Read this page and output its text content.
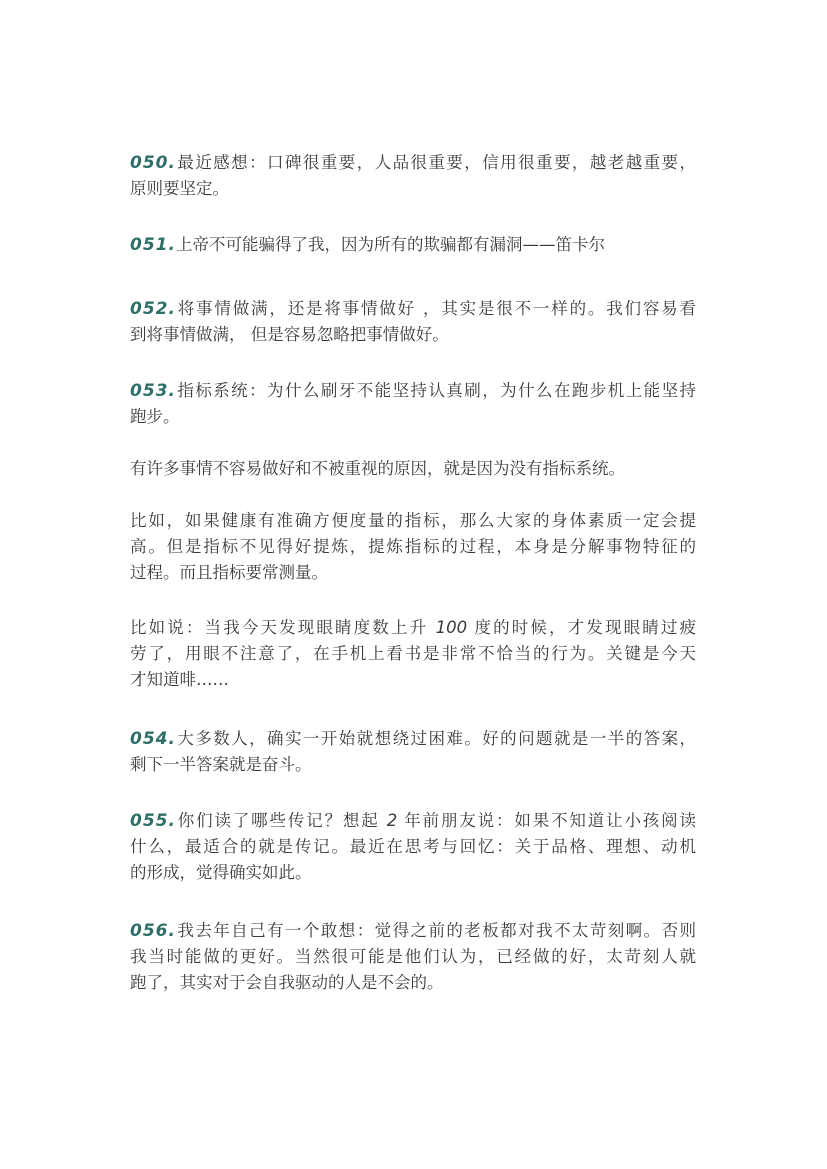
050.最近感想：口碑很重要，人品很重要，信用很重要，越老越重要，
原则要坚定。
051.上帝不可能骗得了我，因为所有的欺骗都有漏洞——笛卡尔
052.将事情做满，还是将事情做好 ，其实是很不一样的。我们容易看
到将事情做满， 但是容易忽略把事情做好。
053.指标系统：为什么刷牙不能坚持认真刷，为什么在跑步机上能坚持
跑步。
有许多事情不容易做好和不被重视的原因，就是因为没有指标系统。
比如，如果健康有准确方便度量的指标，那么大家的身体素质一定会提
高。但是指标不见得好提炼，提炼指标的过程，本身是分解事物特征的
过程。而且指标要常测量。
比如说：当我今天发现眼睛度数上升 100 度的时候，才发现眼睛过疲
劳了，用眼不注意了，在手机上看书是非常不恰当的行为。关键是今天
才知道啡……
054.大多数人，确实一开始就想绕过困难。好的问题就是一半的答案，
剩下一半答案就是奋斗。
055.你们读了哪些传记？想起 2 年前朋友说：如果不知道让小孩阅读
什么，最适合的就是传记。最近在思考与回忆：关于品格、理想、动机
的形成，觉得确实如此。
056.我去年自己有一个敢想：觉得之前的老板都对我不太苛刻啊。否则
我当时能做的更好。当然很可能是他们认为，已经做的好，太苛刻人就
跑了，其实对于会自我驱动的人是不会的。
